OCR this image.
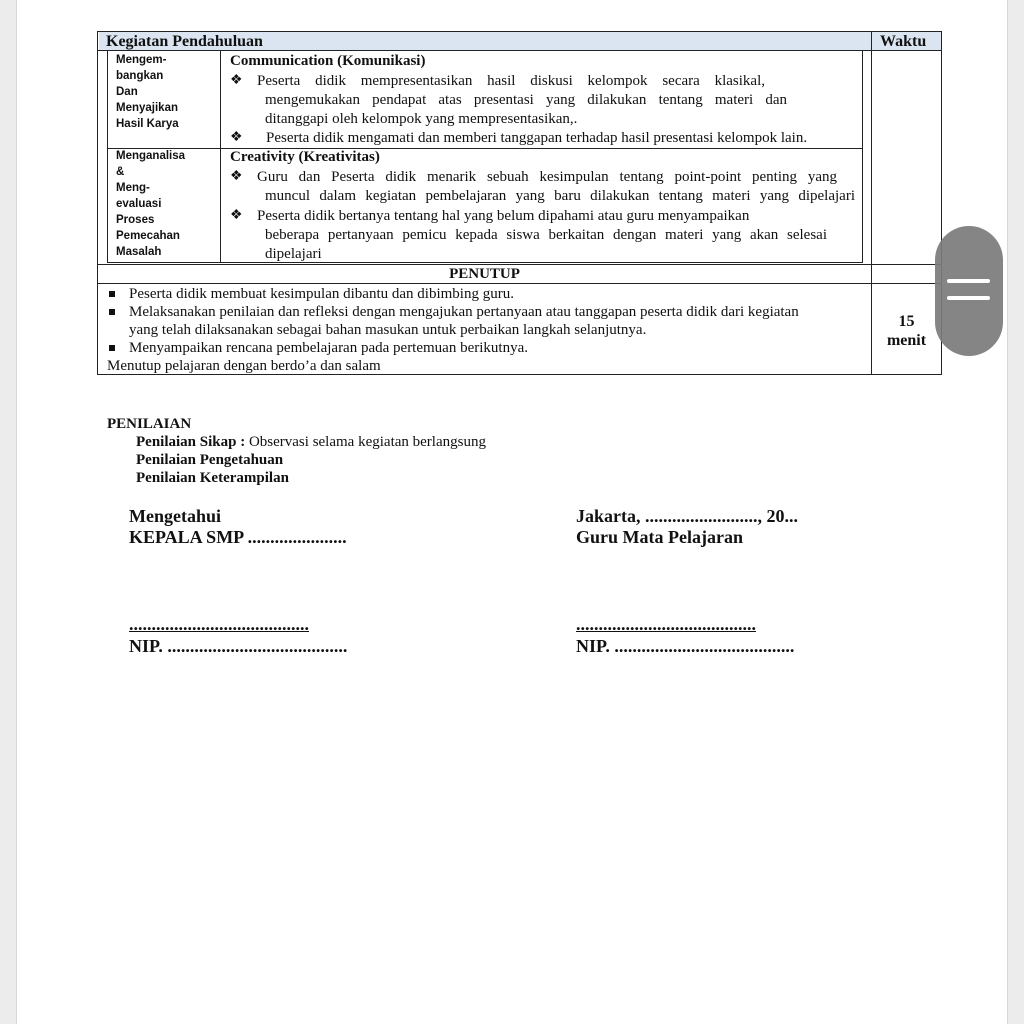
Kegiatan Pendahuluan	Waktu
Mengem-
bangkan
Dan
Menyajikan
Hasil Karya
Communication (Komunikasi)
❖ Peserta didik mempresentasikan hasil diskusi kelompok secara klasikal,
mengemukakan pendapat atas presentasi yang dilakukan tentang materi dan
ditanggapi oleh kelompok yang mempresentasikan,.
❖ Peserta didik mengamati dan memberi tanggapan terhadap hasil presentasi kelompok lain.
Menganalisa
&
Meng-
evaluasi
Proses
Pemecahan
Masalah
Creativity (Kreativitas)
❖ Guru dan Peserta didik menarik sebuah kesimpulan tentang point-point penting yang
muncul dalam kegiatan pembelajaran yang baru dilakukan tentang materi yang dipelajari
❖ Peserta didik bertanya tentang hal yang belum dipahami atau guru menyampaikan
beberapa pertanyaan pemicu kepada siswa berkaitan dengan materi yang akan selesai
dipelajari
PENUTUP
Peserta didik membuat kesimpulan dibantu dan dibimbing guru.
Melaksanakan penilaian dan refleksi dengan mengajukan pertanyaan atau tanggapan peserta didik dari kegiatan
yang telah dilaksanakan sebagai bahan masukan untuk perbaikan langkah selanjutnya.
Menyampaikan rencana pembelajaran pada pertemuan berikutnya.
Menutup pelajaran dengan berdo’a dan salam
15
menit
PENILAIAN
Penilaian Sikap : Observasi selama kegiatan berlangsung
Penilaian Pengetahuan
Penilaian Keterampilan
Mengetahui
KEPALA SMP ......................
........................................
NIP. ........................................
Jakarta, ........................., 20...
Guru Mata Pelajaran
........................................
NIP. ........................................
